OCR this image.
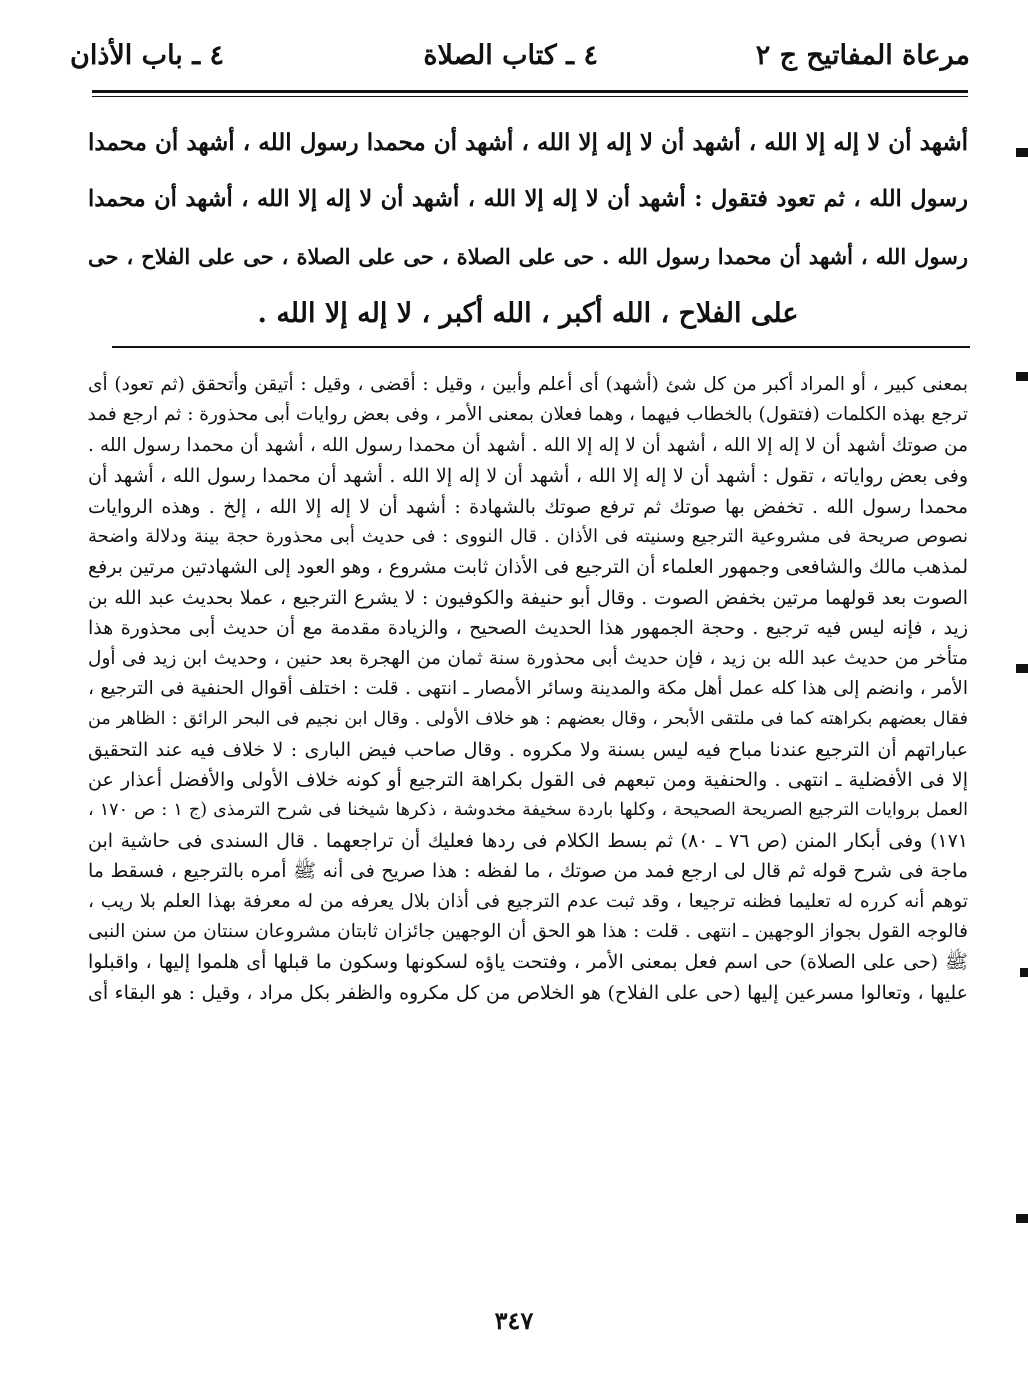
مرعاة المفاتيح ج ٢
٤ ـ كتاب الصلاة
٤ ـ باب الأذان
أشهد أن لا إله إلا الله ، أشهد أن لا إله إلا الله ، أشهد أن محمدا رسول الله ، أشهد أن محمدا
رسول الله ، ثم تعود فتقول : أشهد أن لا إله إلا الله ، أشهد أن لا إله إلا الله ، أشهد أن محمدا
رسول الله ، أشهد أن محمدا رسول الله . حى على الصلاة ، حى على الصلاة ، حى على الفلاح ، حى
على الفلاح ، الله أكبر ، الله أكبر ، لا إله إلا الله .
بمعنى كبير ، أو المراد أكبر من كل شئ (أشهد) أى أعلم وأبين ، وقيل : أقضى ، وقيل : أتيقن وأتحقق (ثم تعود) أى
ترجع بهذه الكلمات (فتقول) بالخطاب فيهما ، وهما فعلان بمعنى الأمر ، وفى بعض روايات أبى محذورة : ثم ارجع فمد
من صوتك أشهد أن لا إله إلا الله ، أشهد أن لا إله إلا الله . أشهد أن محمدا رسول الله ، أشهد أن محمدا رسول الله .
وفى بعض رواياته ، تقول : أشهد أن لا إله إلا الله ، أشهد أن لا إله إلا الله . أشهد أن محمدا رسول الله ، أشهد أن
محمدا رسول الله . تخفض بها صوتك ثم ترفع صوتك بالشهادة : أشهد أن لا إله إلا الله ، إلخ . وهذه الروايات
نصوص صريحة فى مشروعية الترجيع وسنيته فى الأذان . قال النووى : فى حديث أبى محذورة حجة بينة ودلالة واضحة
لمذهب مالك والشافعى وجمهور العلماء أن الترجيع فى الأذان ثابت مشروع ، وهو العود إلى الشهادتين مرتين برفع
الصوت بعد قولهما مرتين بخفض الصوت . وقال أبو حنيفة والكوفيون : لا يشرع الترجيع ، عملا بحديث عبد الله بن
زيد ، فإنه ليس فيه ترجيع . وحجة الجمهور هذا الحديث الصحيح ، والزيادة مقدمة مع أن حديث أبى محذورة هذا
متأخر من حديث عبد الله بن زيد ، فإن حديث أبى محذورة سنة ثمان من الهجرة بعد حنين ، وحديث ابن زيد فى أول
الأمر ، وانضم إلى هذا كله عمل أهل مكة والمدينة وسائر الأمصار ـ انتهى . قلت : اختلف أقوال الحنفية فى الترجيع ،
فقال بعضهم بكراهته كما فى ملتقى الأبحر ، وقال بعضهم : هو خلاف الأولى . وقال ابن نجيم فى البحر الرائق : الظاهر من
عباراتهم أن الترجيع عندنا مباح فيه ليس بسنة ولا مكروه . وقال صاحب فيض البارى : لا خلاف فيه عند التحقيق
إلا فى الأفضلية ـ انتهى . والحنفية ومن تبعهم فى القول بكراهة الترجيع أو كونه خلاف الأولى والأفضل أعذار عن
العمل بروايات الترجيع الصريحة الصحيحة ، وكلها باردة سخيفة مخدوشة ، ذكرها شيخنا فى شرح الترمذى (ج ١ : ص ١٧٠ ،
١٧١) وفى أبكار المنن (ص ٧٦ ـ ٨٠) ثم بسط الكلام فى ردها فعليك أن تراجعهما . قال السندى فى حاشية ابن
ماجة فى شرح قوله ثم قال لى ارجع فمد من صوتك ، ما لفظه : هذا صريح فى أنه ﷺ أمره بالترجيع ، فسقط ما
توهم أنه كرره له تعليما فظنه ترجيعا ، وقد ثبت عدم الترجيع فى أذان بلال يعرفه من له معرفة بهذا العلم بلا ريب ،
فالوجه القول بجواز الوجهين ـ انتهى . قلت : هذا هو الحق أن الوجهين جائزان ثابتان مشروعان سنتان من سنن النبى
ﷺ (حى على الصلاة) حى اسم فعل بمعنى الأمر ، وفتحت ياؤه لسكونها وسكون ما قبلها أى هلموا إليها ، واقبلوا
عليها ، وتعالوا مسرعين إليها (حى على الفلاح) هو الخلاص من كل مكروه والظفر بكل مراد ، وقيل : هو البقاء أى
٣٤٧
